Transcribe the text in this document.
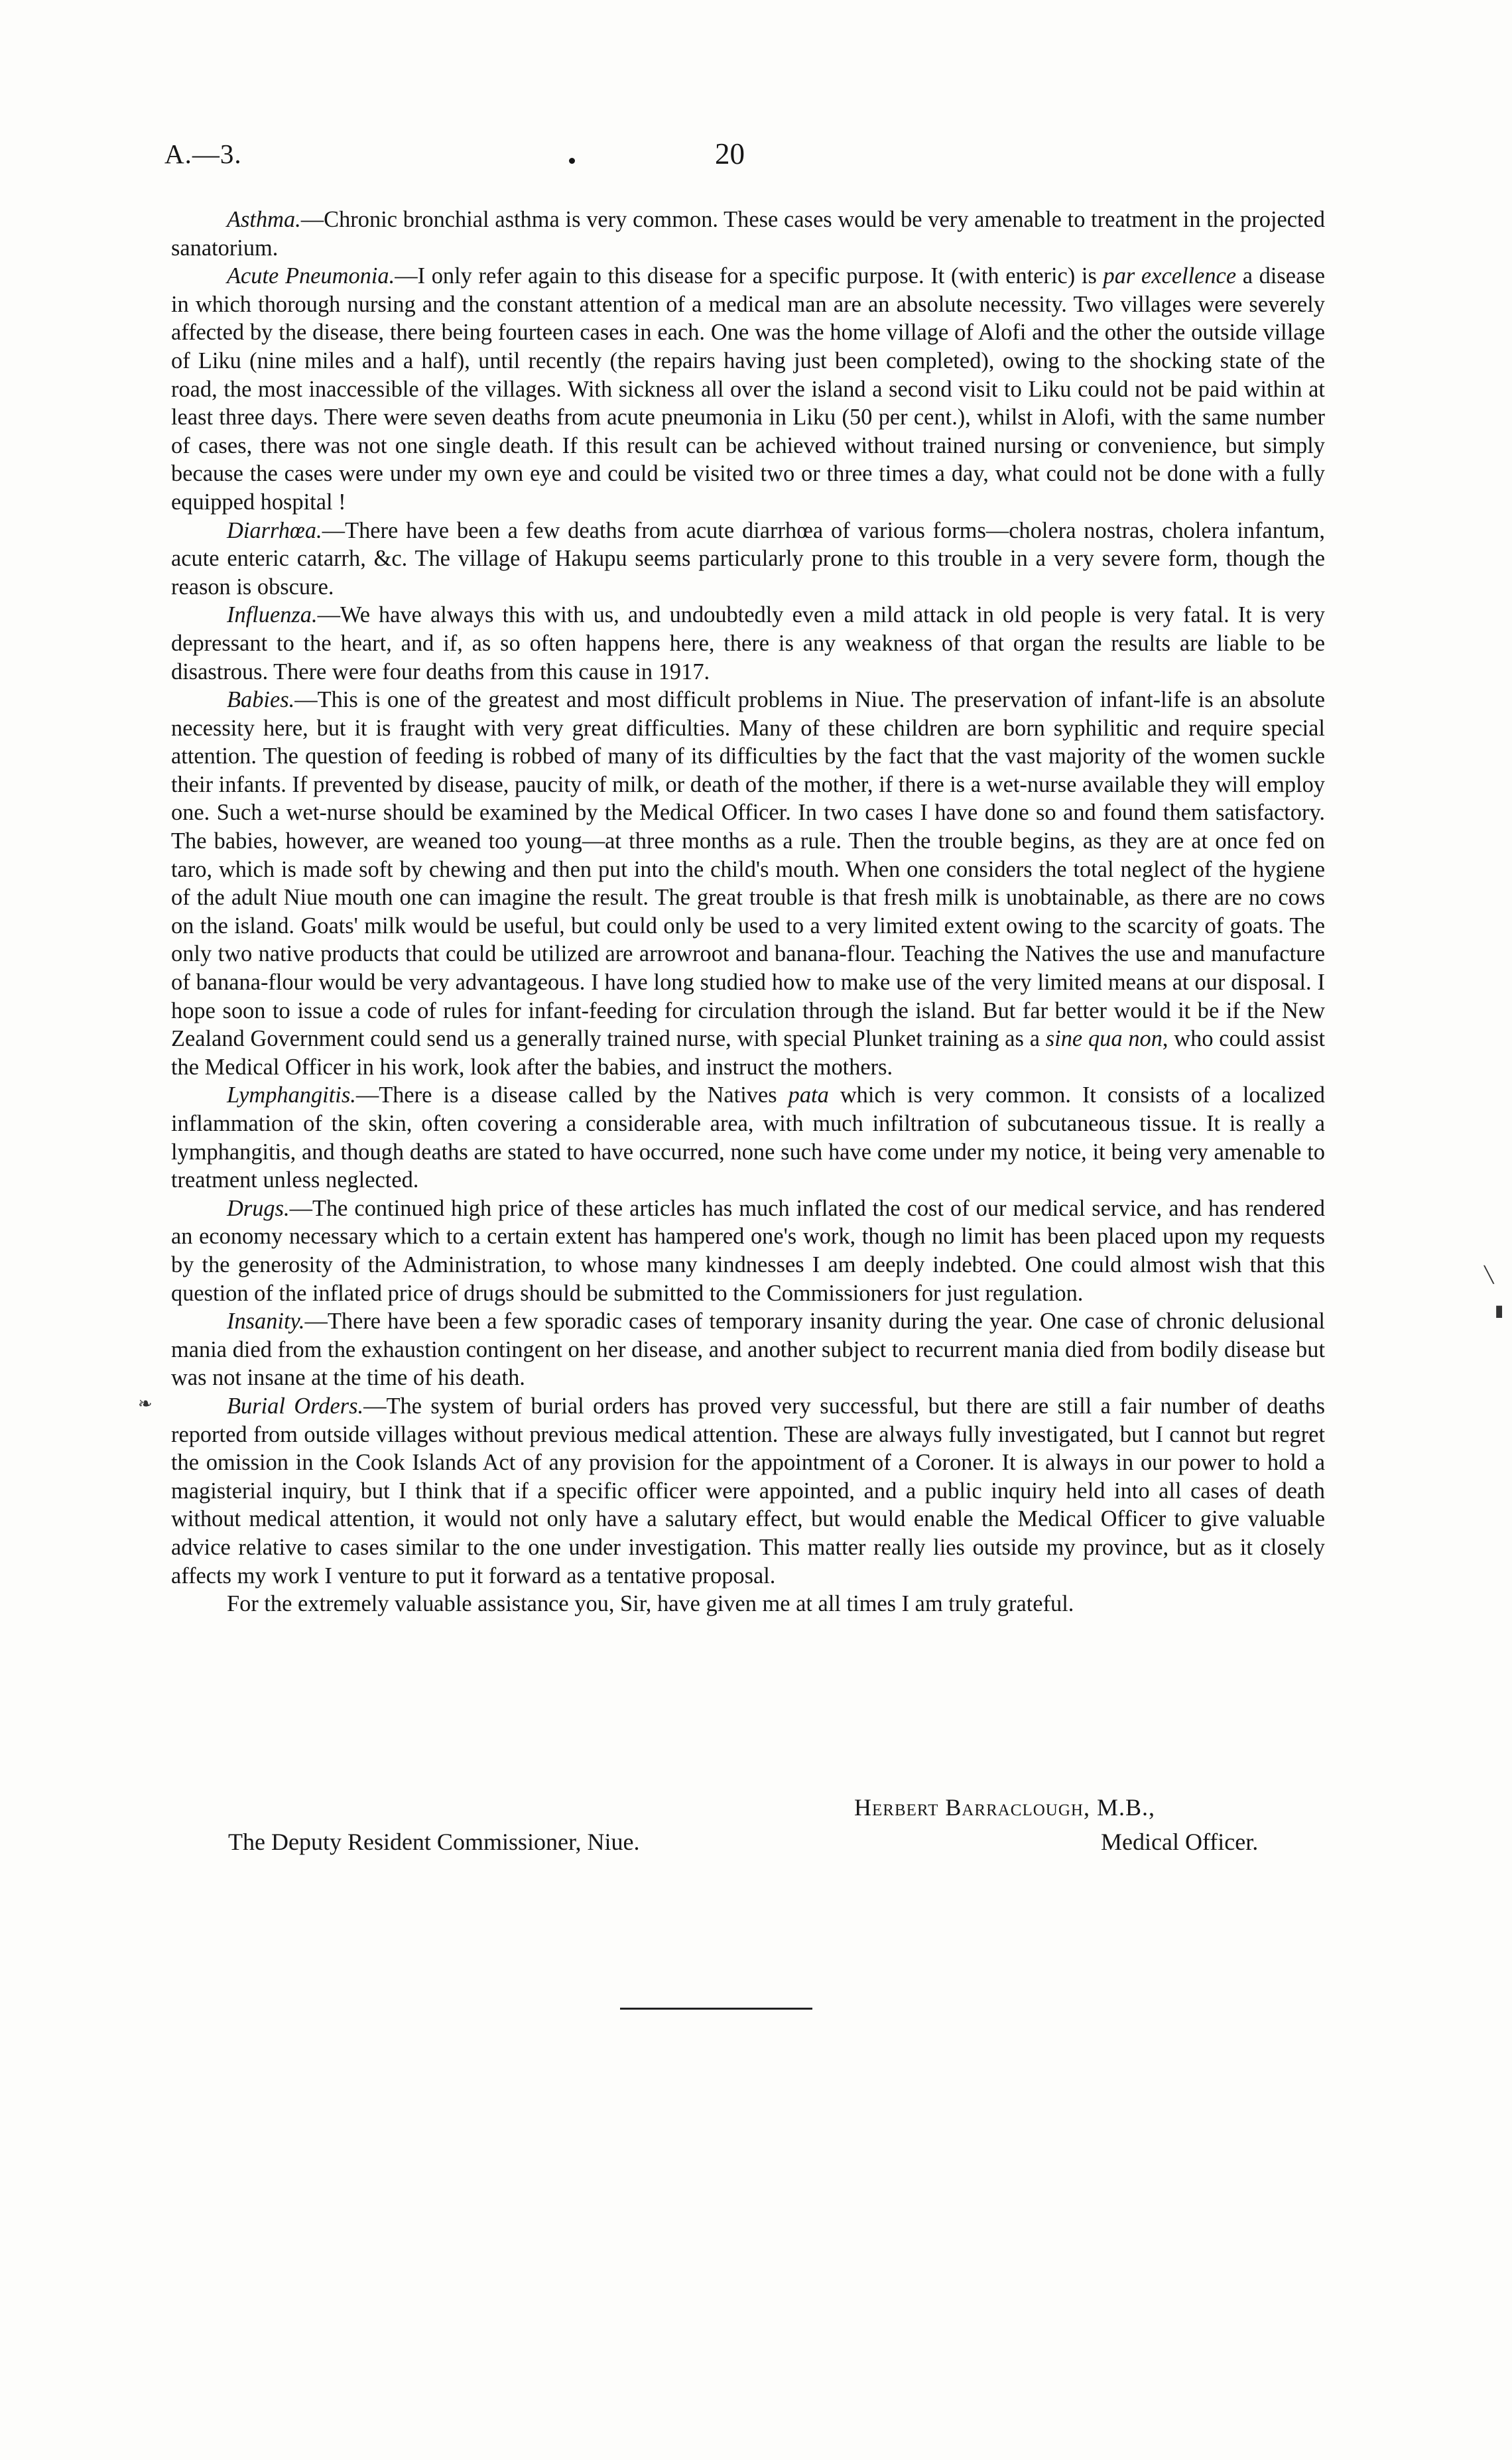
A.—3.	20

Asthma.—Chronic bronchial asthma is very common. These cases would be very amenable to treatment in the projected sanatorium.

Acute Pneumonia.—I only refer again to this disease for a specific purpose. It (with enteric) is par excellence a disease in which thorough nursing and the constant attention of a medical man are an absolute necessity. Two villages were severely affected by the disease, there being fourteen cases in each. One was the home village of Alofi and the other the outside village of Liku (nine miles and a half), until recently (the repairs having just been completed), owing to the shocking state of the road, the most inaccessible of the villages. With sickness all over the island a second visit to Liku could not be paid within at least three days. There were seven deaths from acute pneumonia in Liku (50 per cent.), whilst in Alofi, with the same number of cases, there was not one single death. If this result can be achieved without trained nursing or convenience, but simply because the cases were under my own eye and could be visited two or three times a day, what could not be done with a fully equipped hospital !

Diarrhœa.—There have been a few deaths from acute diarrhœa of various forms—cholera nostras, cholera infantum, acute enteric catarrh, &c. The village of Hakupu seems particularly prone to this trouble in a very severe form, though the reason is obscure.

Influenza.—We have always this with us, and undoubtedly even a mild attack in old people is very fatal. It is very depressant to the heart, and if, as so often happens here, there is any weakness of that organ the results are liable to be disastrous. There were four deaths from this cause in 1917.

Babies.—This is one of the greatest and most difficult problems in Niue. The preservation of infant-life is an absolute necessity here, but it is fraught with very great difficulties. Many of these children are born syphilitic and require special attention. The question of feeding is robbed of many of its difficulties by the fact that the vast majority of the women suckle their infants. If prevented by disease, paucity of milk, or death of the mother, if there is a wet-nurse available they will employ one. Such a wet-nurse should be examined by the Medical Officer. In two cases I have done so and found them satisfactory. The babies, however, are weaned too young—at three months as a rule. Then the trouble begins, as they are at once fed on taro, which is made soft by chewing and then put into the child's mouth. When one considers the total neglect of the hygiene of the adult Niue mouth one can imagine the result. The great trouble is that fresh milk is unobtainable, as there are no cows on the island. Goats' milk would be useful, but could only be used to a very limited extent owing to the scarcity of goats. The only two native products that could be utilized are arrowroot and banana-flour. Teaching the Natives the use and manufacture of banana-flour would be very advantageous. I have long studied how to make use of the very limited means at our disposal. I hope soon to issue a code of rules for infant-feeding for circulation through the island. But far better would it be if the New Zealand Government could send us a generally trained nurse, with special Plunket training as a sine qua non, who could assist the Medical Officer in his work, look after the babies, and instruct the mothers.

Lymphangitis.—There is a disease called by the Natives pata which is very common. It consists of a localized inflammation of the skin, often covering a considerable area, with much infiltration of subcutaneous tissue. It is really a lymphangitis, and though deaths are stated to have occurred, none such have come under my notice, it being very amenable to treatment unless neglected.

Drugs.—The continued high price of these articles has much inflated the cost of our medical service, and has rendered an economy necessary which to a certain extent has hampered one's work, though no limit has been placed upon my requests by the generosity of the Administration, to whose many kindnesses I am deeply indebted. One could almost wish that this question of the inflated price of drugs should be submitted to the Commissioners for just regulation.

Insanity.—There have been a few sporadic cases of temporary insanity during the year. One case of chronic delusional mania died from the exhaustion contingent on her disease, and another subject to recurrent mania died from bodily disease but was not insane at the time of his death.

Burial Orders.—The system of burial orders has proved very successful, but there are still a fair number of deaths reported from outside villages without previous medical attention. These are always fully investigated, but I cannot but regret the omission in the Cook Islands Act of any provision for the appointment of a Coroner. It is always in our power to hold a magisterial inquiry, but I think that if a specific officer were appointed, and a public inquiry held into all cases of death without medical attention, it would not only have a salutary effect, but would enable the Medical Officer to give valuable advice relative to cases similar to the one under investigation. This matter really lies outside my province, but as it closely affects my work I venture to put it forward as a tentative proposal.

For the extremely valuable assistance you, Sir, have given me at all times I am truly grateful.

Herbert Barraclough, M.B.,
The Deputy Resident Commissioner, Niue.	Medical Officer.
❧
╲
▮
